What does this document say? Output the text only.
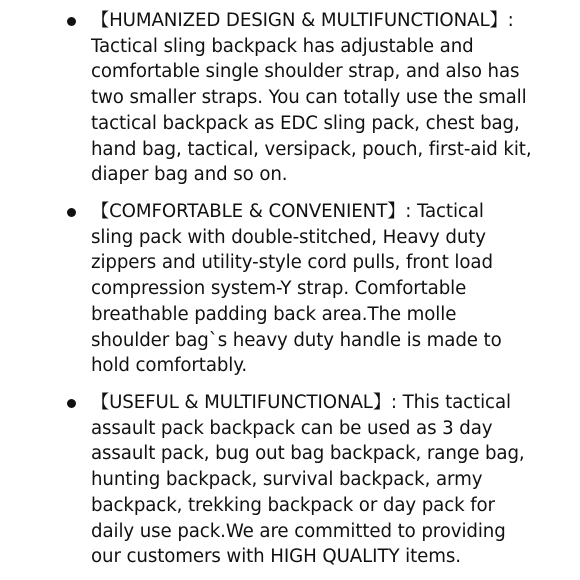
【HUMANIZED DESIGN & MULTIFUNCTIONAL】:
Tactical sling backpack has adjustable and
comfortable single shoulder strap, and also has
two smaller straps. You can totally use the small
tactical backpack as EDC sling pack, chest bag,
hand bag, tactical, versipack, pouch, first-aid kit,
diaper bag and so on.
【COMFORTABLE & CONVENIENT】: Tactical
sling pack with double-stitched, Heavy duty
zippers and utility-style cord pulls, front load
compression system-Y strap. Comfortable
breathable padding back area.The molle
shoulder bag`s heavy duty handle is made to
hold comfortably.
【USEFUL & MULTIFUNCTIONAL】: This tactical
assault pack backpack can be used as 3 day
assault pack, bug out bag backpack, range bag,
hunting backpack, survival backpack, army
backpack, trekking backpack or day pack for
daily use pack.We are committed to providing
our customers with HIGH QUALITY items.
